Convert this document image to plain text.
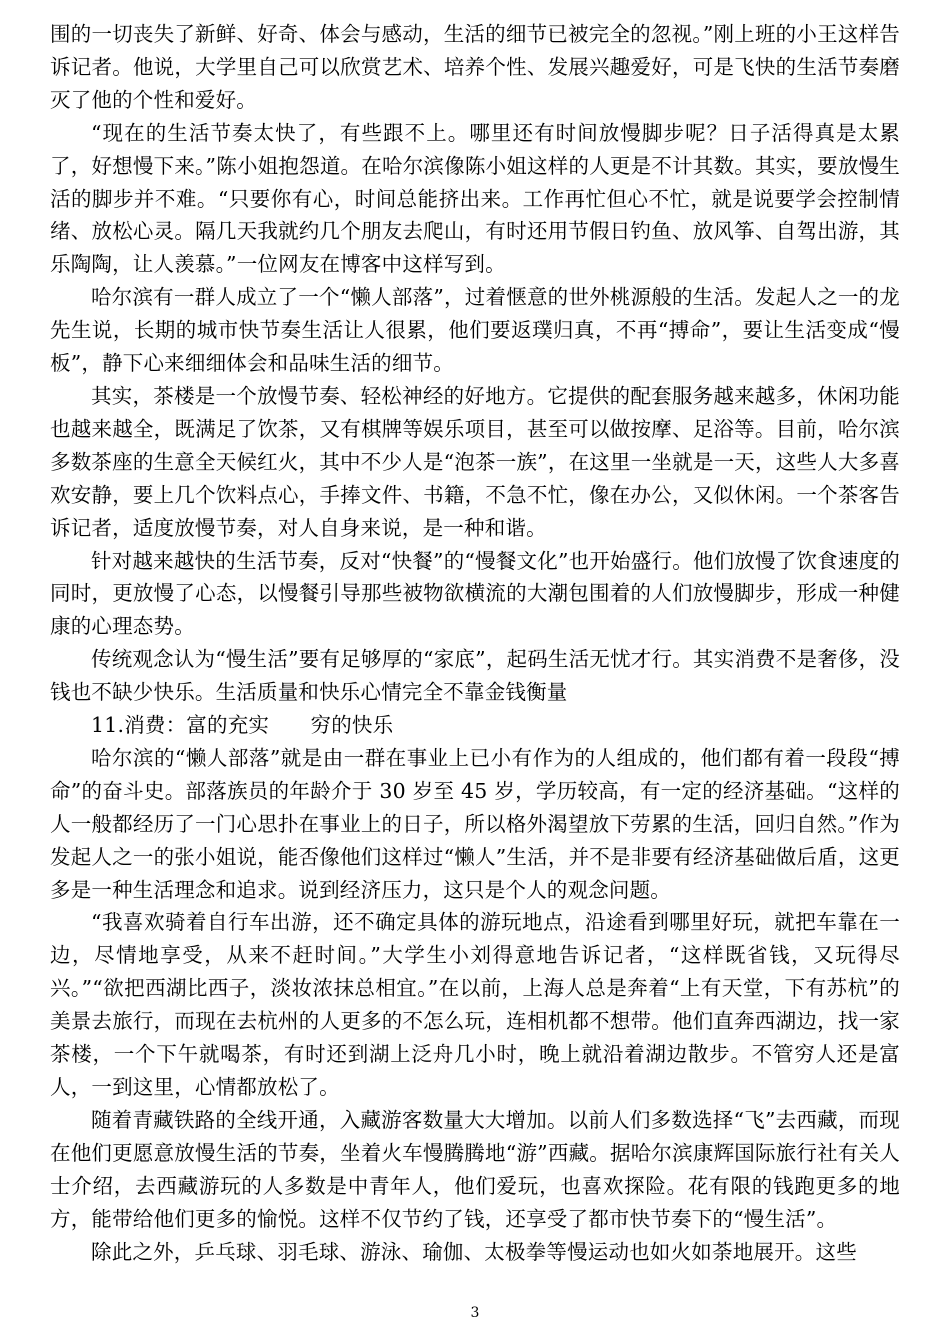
围的一切丧失了新鲜、好奇、体会与感动，生活的细节已被完全的忽视。”刚上班的小王这样告诉记者。他说，大学里自己可以欣赏艺术、培养个性、发展兴趣爱好，可是飞快的生活节奏磨灭了他的个性和爱好。

“现在的生活节奏太快了，有些跟不上。哪里还有时间放慢脚步呢？日子活得真是太累了，好想慢下来。”陈小姐抱怨道。在哈尔滨像陈小姐这样的人更是不计其数。其实，要放慢生活的脚步并不难。“只要你有心，时间总能挤出来。工作再忙但心不忙，就是说要学会控制情绪、放松心灵。隔几天我就约几个朋友去爬山，有时还用节假日钓鱼、放风筝、自驾出游，其乐陶陶，让人羡慕。”一位网友在博客中这样写到。

哈尔滨有一群人成立了一个“懒人部落”，过着惬意的世外桃源般的生活。发起人之一的龙先生说，长期的城市快节奏生活让人很累，他们要返璞归真，不再“搏命”，要让生活变成“慢板”，静下心来细细体会和品味生活的细节。

其实，茶楼是一个放慢节奏、轻松神经的好地方。它提供的配套服务越来越多，休闲功能也越来越全，既满足了饮茶，又有棋牌等娱乐项目，甚至可以做按摩、足浴等。目前，哈尔滨多数茶座的生意全天候红火，其中不少人是“泡茶一族”，在这里一坐就是一天，这些人大多喜欢安静，要上几个饮料点心，手捧文件、书籍，不急不忙，像在办公，又似休闲。一个茶客告诉记者，适度放慢节奏，对人自身来说，是一种和谐。

针对越来越快的生活节奏，反对“快餐”的“慢餐文化”也开始盛行。他们放慢了饮食速度的同时，更放慢了心态，以慢餐引导那些被物欲横流的大潮包围着的人们放慢脚步，形成一种健康的心理态势。

传统观念认为“慢生活”要有足够厚的“家底”，起码生活无忧才行。其实消费不是奢侈，没钱也不缺少快乐。生活质量和快乐心情完全不靠金钱衡量

11.消费：富的充实　　穷的快乐

哈尔滨的“懒人部落”就是由一群在事业上已小有作为的人组成的，他们都有着一段段“搏命”的奋斗史。部落族员的年龄介于 30 岁至 45 岁，学历较高，有一定的经济基础。“这样的人一般都经历了一门心思扑在事业上的日子，所以格外渴望放下劳累的生活，回归自然。”作为发起人之一的张小姐说，能否像他们这样过“懒人”生活，并不是非要有经济基础做后盾，这更多是一种生活理念和追求。说到经济压力，这只是个人的观念问题。

“我喜欢骑着自行车出游，还不确定具体的游玩地点，沿途看到哪里好玩，就把车靠在一边，尽情地享受，从来不赶时间。”大学生小刘得意地告诉记者，“这样既省钱，又玩得尽兴。”“欲把西湖比西子，淡妆浓抹总相宜。”在以前，上海人总是奔着“上有天堂，下有苏杭”的美景去旅行，而现在去杭州的人更多的不怎么玩，连相机都不想带。他们直奔西湖边，找一家茶楼，一个下午就喝茶，有时还到湖上泛舟几小时，晚上就沿着湖边散步。不管穷人还是富人，一到这里，心情都放松了。

随着青藏铁路的全线开通，入藏游客数量大大增加。以前人们多数选择“飞”去西藏，而现在他们更愿意放慢生活的节奏，坐着火车慢腾腾地“游”西藏。据哈尔滨康辉国际旅行社有关人士介绍，去西藏游玩的人多数是中青年人，他们爱玩，也喜欢探险。花有限的钱跑更多的地方，能带给他们更多的愉悦。这样不仅节约了钱，还享受了都市快节奏下的“慢生活”。

除此之外，乒乓球、羽毛球、游泳、瑜伽、太极拳等慢运动也如火如荼地展开。这些

3
